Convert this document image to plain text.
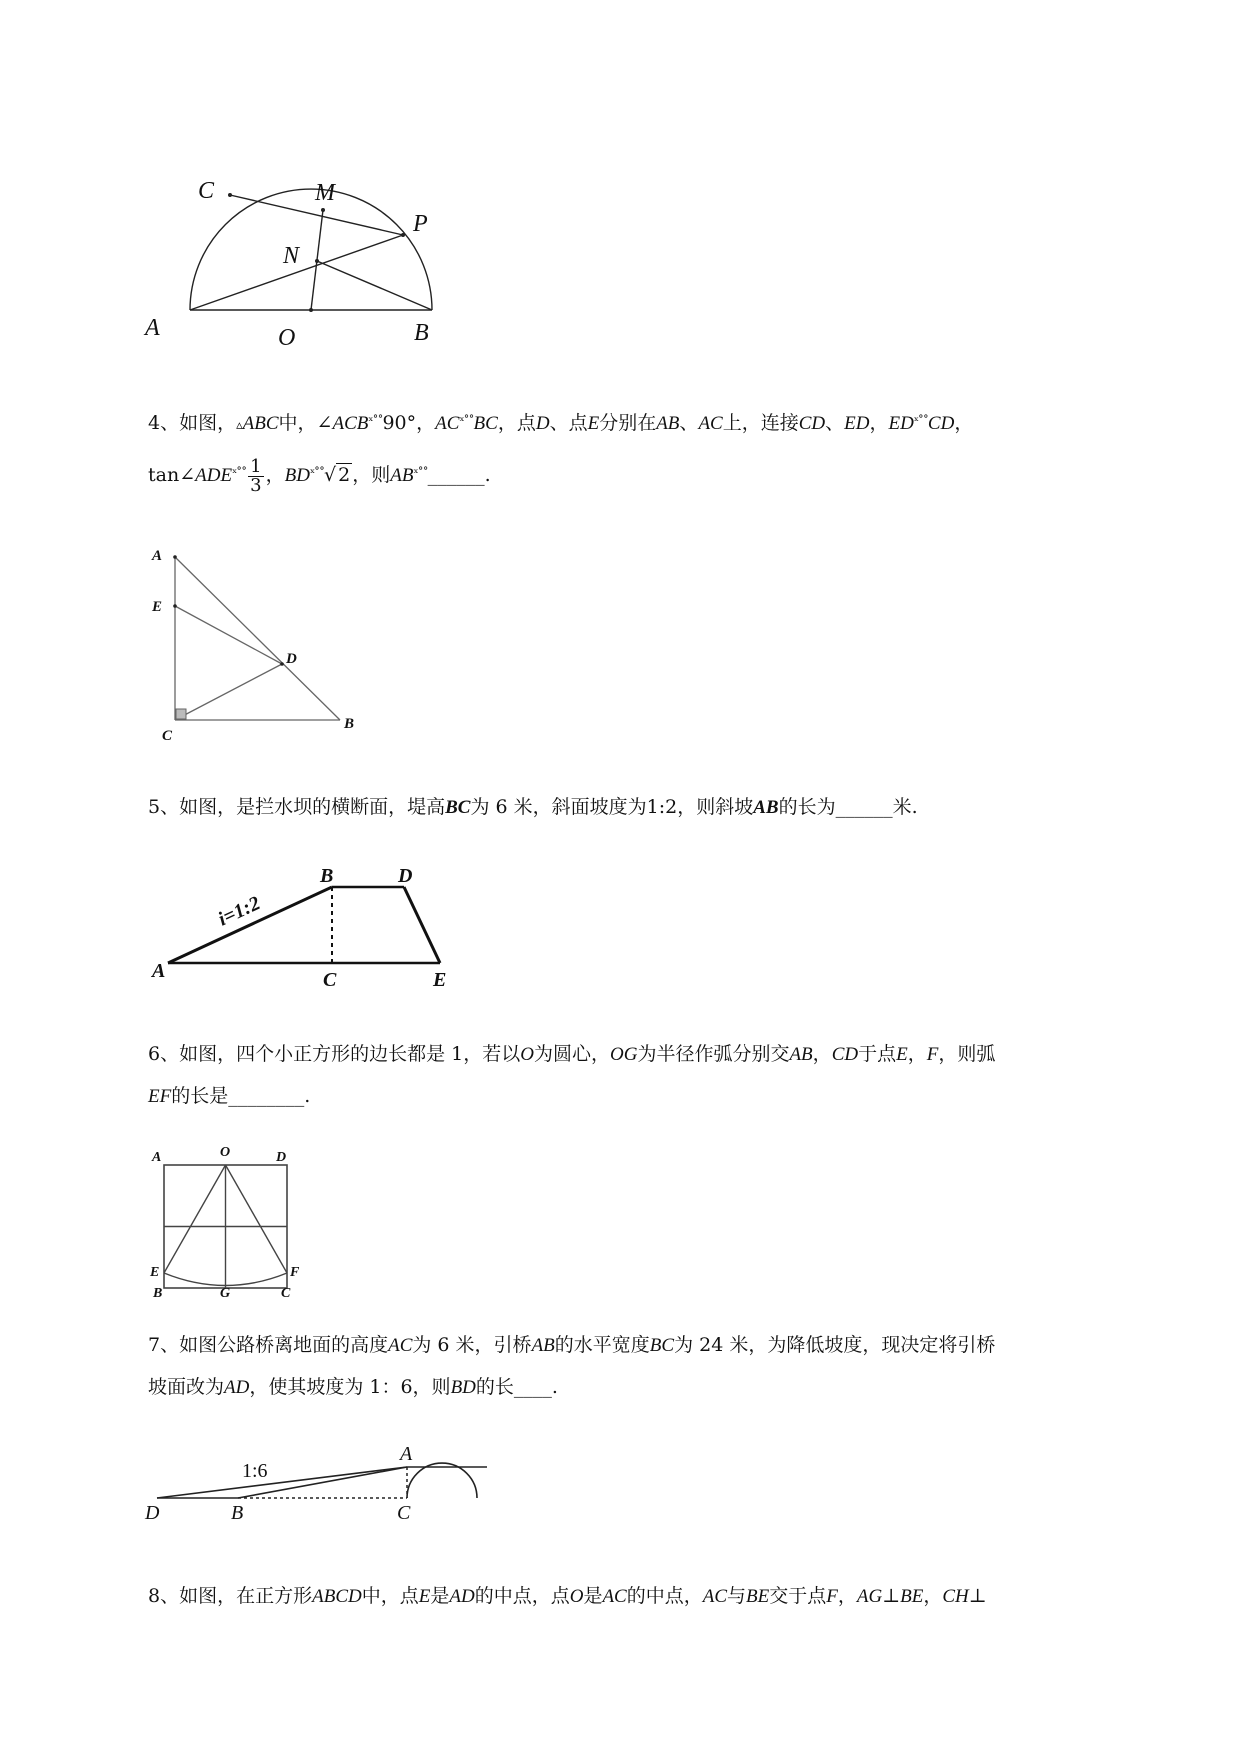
C	M
P
N
A	O	B
4、如图，▵ABC中，$\angle ACB^{ˣ˚˚}90^\circ$，$AC^{ˣ˚˚}BC$，点D、点E分别在AB、AC上，连接CD、ED，$ED^{ˣ˚˚}CD$，
$\tan\angle ADE^{ˣ˚˚} \frac{1}{3}$ ，$BD^{ˣ˚˚}√$ 2 ，则$AB^{ˣ˚˚}\_\_\_\_\_\_$.
A
E
D
C
B
5、如图，是拦水坝的横断面，堤高BC为 6 米，斜面坡度为1:2，则斜坡AB的长为______米.
B	D
A	C	E
i=1:2
6、如图，四个小正方形的边长都是 1，若以O为圆心，OG为半径作弧分别交AB，CD于点E，F，则弧
EF的长是________.
A	O	D
E	F
B	G	C
7、如图公路桥离地面的高度AC为 6 米，引桥AB的水平宽度BC为 24 米，为降低坡度，现决定将引桥
坡面改为AD，使其坡度为 1：6，则BD的长____.
A
D	B	C
1:6
8、如图，在正方形ABCD中，点E是AD的中点，点O是AC的中点，AC与BE交于点F，AG⊥BE，CH⊥
